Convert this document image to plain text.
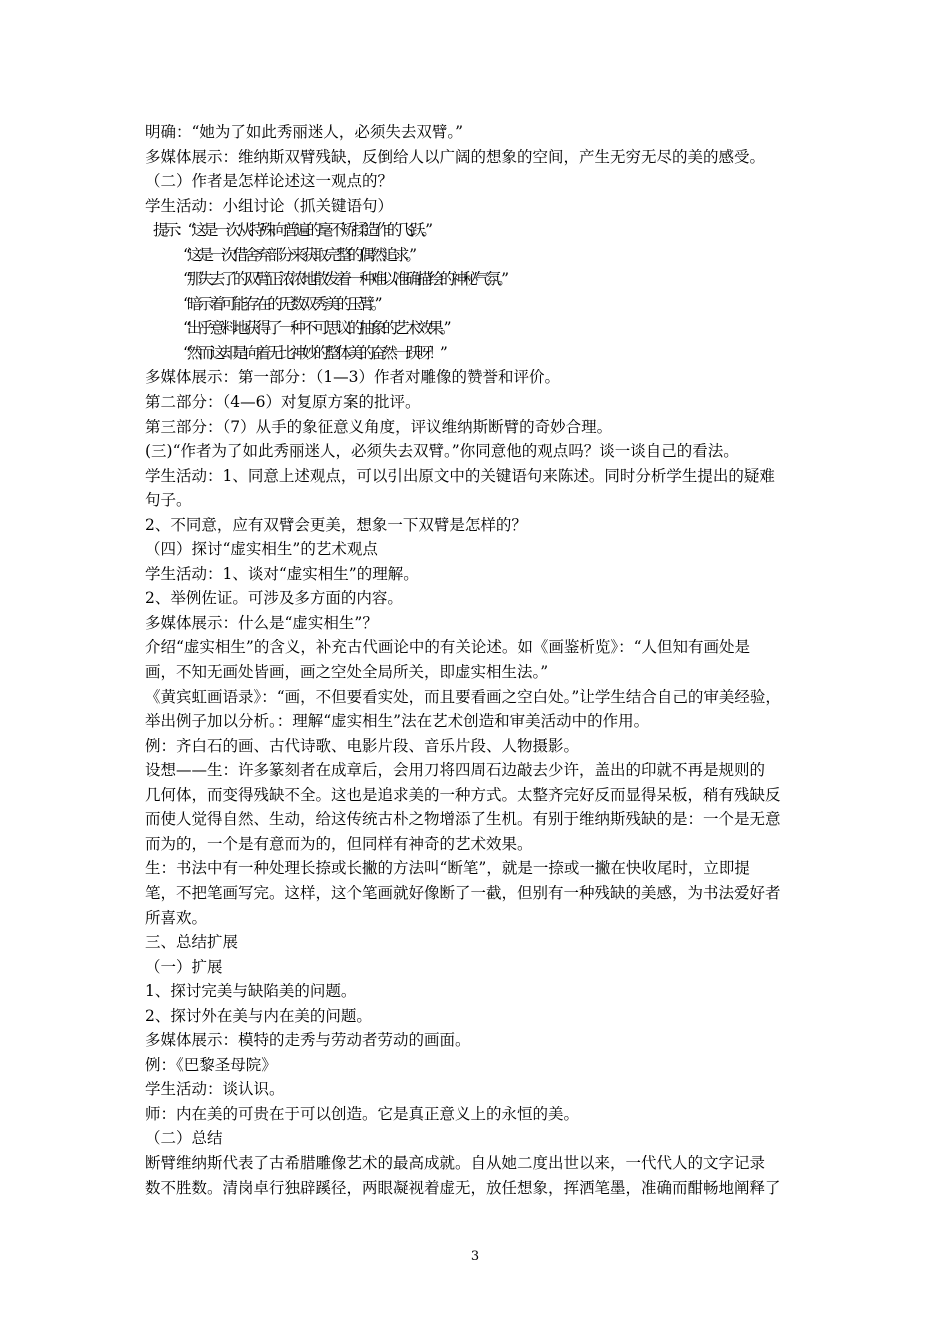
明确：“她为了如此秀丽迷人，必须失去双臂。”
多媒体展示：维纳斯双臂残缺，反倒给人以广阔的想象的空间，产生无穷无尽的美的感受。
（二）作者是怎样论述这一观点的？
学生活动：小组讨论（抓关键语句）
提示：“这是一次从特殊向普遍的毫不矫揉造作的飞跃。”
“这是一次借舍弃部分来获取完整的偶然追求。”
“那失去了的双臂正浓浓地散发着一种难以准确描绘的神秘气氛。”
“暗示着可能存在的无数双秀美的玉臂。”
“出乎意料地获得了一种不可思议的抽象的艺术效果。”
“然而这却是向着无比神妙的整体美的奋然一跃呀！”
多媒体展示：第一部分：（1—3）作者对雕像的赞誉和评价。
第二部分：（4—6）对复原方案的批评。
第三部分：（7）从手的象征意义角度，评议维纳斯断臂的奇妙合理。
(三)“作者为了如此秀丽迷人，必须失去双臂。”你同意他的观点吗？谈一谈自己的看法。
学生活动：1、同意上述观点，可以引出原文中的关键语句来陈述。同时分析学生提出的疑难
句子。
2、不同意，应有双臂会更美，想象一下双臂是怎样的？
（四）探讨“虚实相生”的艺术观点
学生活动：1、谈对“虚实相生”的理解。
2、举例佐证。可涉及多方面的内容。
多媒体展示：什么是“虚实相生”？
介绍“虚实相生”的含义，补充古代画论中的有关论述。如《画鉴析览》：“人但知有画处是
画，不知无画处皆画，画之空处全局所关，即虚实相生法。”
《黄宾虹画语录》：“画，不但要看实处，而且要看画之空白处。”让学生结合自己的审美经验，
举出例子加以分析。：理解“虚实相生”法在艺术创造和审美活动中的作用。
例：齐白石的画、古代诗歌、电影片段、音乐片段、人物摄影。
设想——生：许多篆刻者在成章后，会用刀将四周石边敲去少许，盖出的印就不再是规则的
几何体，而变得残缺不全。这也是追求美的一种方式。太整齐完好反而显得呆板，稍有残缺反
而使人觉得自然、生动，给这传统古朴之物增添了生机。有别于维纳斯残缺的是：一个是无意
而为的，一个是有意而为的，但同样有神奇的艺术效果。
生：书法中有一种处理长捺或长撇的方法叫“断笔”，就是一捺或一撇在快收尾时，立即提
笔，不把笔画写完。这样，这个笔画就好像断了一截，但别有一种残缺的美感，为书法爱好者
所喜欢。
三、总结扩展
（一）扩展
1、探讨完美与缺陷美的问题。
2、探讨外在美与内在美的问题。
多媒体展示：模特的走秀与劳动者劳动的画面。
例：《巴黎圣母院》
学生活动：谈认识。
师：内在美的可贵在于可以创造。它是真正意义上的永恒的美。
（二）总结
断臂维纳斯代表了古希腊雕像艺术的最高成就。自从她二度出世以来，一代代人的文字记录
数不胜数。清岗卓行独辟蹊径，两眼凝视着虚无，放任想象，挥洒笔墨，准确而酣畅地阐释了
3
